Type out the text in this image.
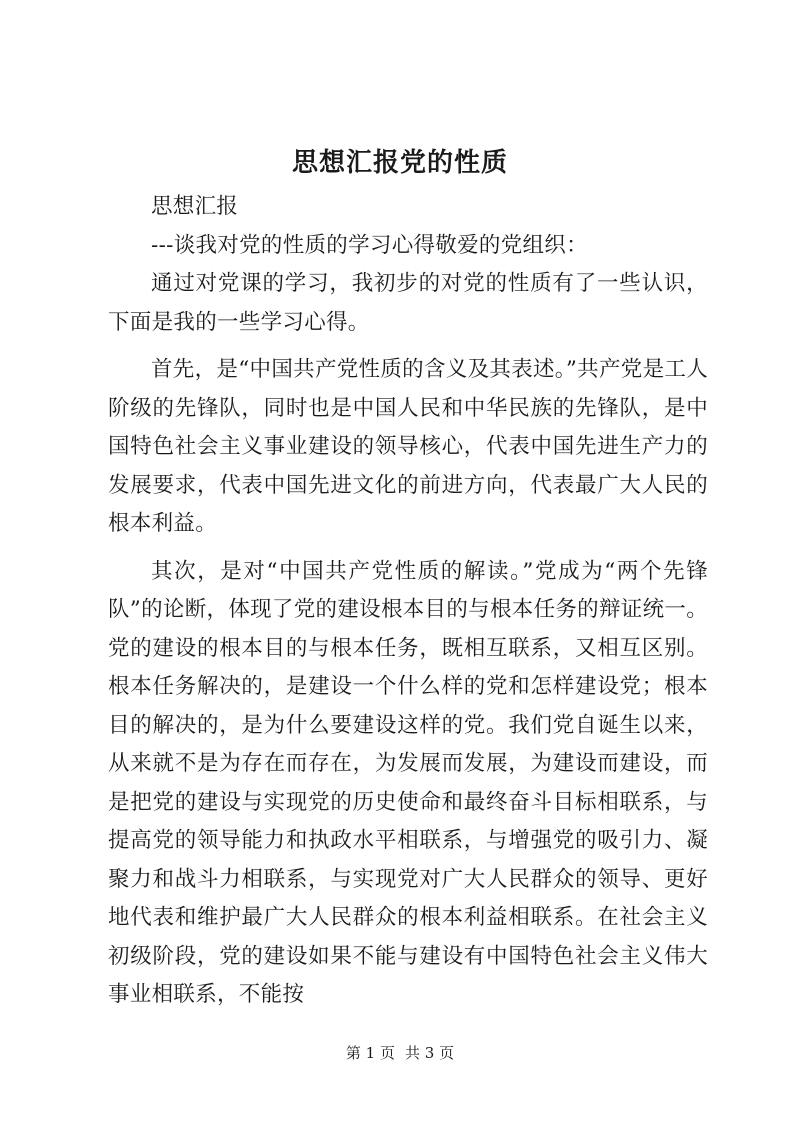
思想汇报党的性质

思想汇报

---谈我对党的性质的学习心得敬爱的党组织：

通过对党课的学习，我初步的对党的性质有了一些认识，下面是我的一些学习心得。

首先，是“中国共产党性质的含义及其表述。”共产党是工人阶级的先锋队，同时也是中国人民和中华民族的先锋队，是中国特色社会主义事业建设的领导核心，代表中国先进生产力的发展要求，代表中国先进文化的前进方向，代表最广大人民的根本利益。

其次，是对“中国共产党性质的解读。”党成为“两个先锋队”的论断，体现了党的建设根本目的与根本任务的辩证统一。党的建设的根本目的与根本任务，既相互联系，又相互区别。根本任务解决的，是建设一个什么样的党和怎样建设党；根本目的解决的，是为什么要建设这样的党。我们党自诞生以来，从来就不是为存在而存在，为发展而发展，为建设而建设，而是把党的建设与实现党的历史使命和最终奋斗目标相联系，与提高党的领导能力和执政水平相联系，与增强党的吸引力、凝聚力和战斗力相联系，与实现党对广大人民群众的领导、更好地代表和维护最广大人民群众的根本利益相联系。在社会主义初级阶段，党的建设如果不能与建设有中国特色社会主义伟大事业相联系，不能按

第 1 页 共 3 页
